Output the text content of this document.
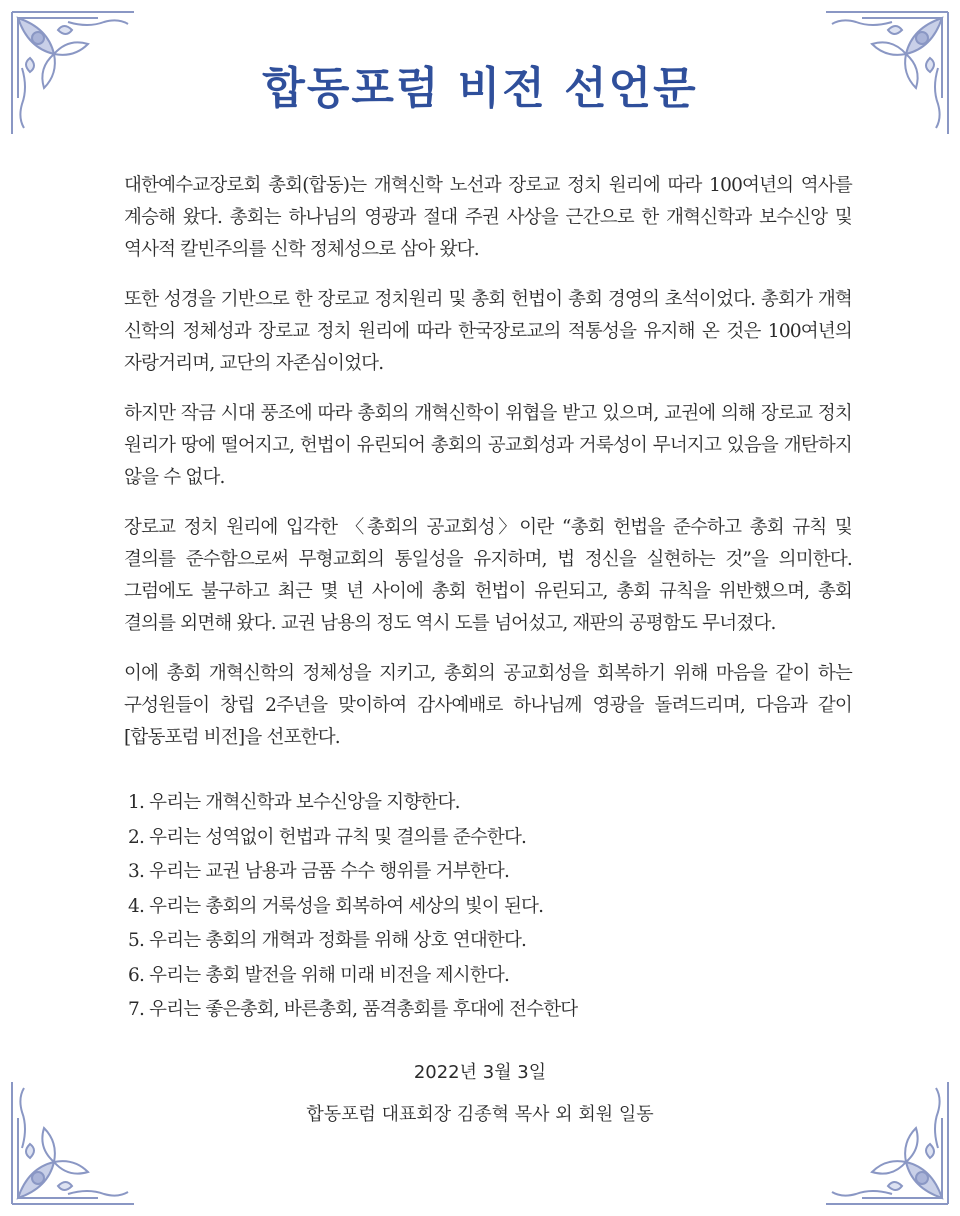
합동포럼 비전 선언문

대한예수교장로회 총회(합동)는 개혁신학 노선과 장로교 정치 원리에 따라 100여년의 역사를 계승해 왔다. 총회는 하나님의 영광과 절대 주권 사상을 근간으로 한 개혁신학과 보수신앙 및 역사적 칼빈주의를 신학 정체성으로 삼아 왔다.

또한 성경을 기반으로 한 장로교 정치원리 및 총회 헌법이 총회 경영의 초석이었다. 총회가 개혁 신학의 정체성과 장로교 정치 원리에 따라 한국장로교의 적통성을 유지해 온 것은 100여년의 자랑거리며, 교단의 자존심이었다.

하지만 작금 시대 풍조에 따라 총회의 개혁신학이 위협을 받고 있으며, 교권에 의해 장로교 정치 원리가 땅에 떨어지고, 헌법이 유린되어 총회의 공교회성과 거룩성이 무너지고 있음을 개탄하지 않을 수 없다.

장로교 정치 원리에 입각한 〈총회의 공교회성〉이란 “총회 헌법을 준수하고 총회 규칙 및 결의를 준수함으로써 무형교회의 통일성을 유지하며, 법 정신을 실현하는 것”을 의미한다. 그럼에도 불구하고 최근 몇 년 사이에 총회 헌법이 유린되고, 총회 규칙을 위반했으며, 총회 결의를 외면해 왔다. 교권 남용의 정도 역시 도를 넘어섰고, 재판의 공평함도 무너졌다.

이에 총회 개혁신학의 정체성을 지키고, 총회의 공교회성을 회복하기 위해 마음을 같이 하는 구성원들이 창립 2주년을 맞이하여 감사예배로 하나님께 영광을 돌려드리며, 다음과 같이 [합동포럼 비전]을 선포한다.

1. 우리는 개혁신학과 보수신앙을 지향한다.
2. 우리는 성역없이 헌법과 규칙 및 결의를 준수한다.
3. 우리는 교권 남용과 금품 수수 행위를 거부한다.
4. 우리는 총회의 거룩성을 회복하여 세상의 빛이 된다.
5. 우리는 총회의 개혁과 정화를 위해 상호 연대한다.
6. 우리는 총회 발전을 위해 미래 비전을 제시한다.
7. 우리는 좋은총회, 바른총회, 품격총회를 후대에 전수한다
2022년 3월 3일
합동포럼 대표회장 김종혁 목사 외 회원 일동
